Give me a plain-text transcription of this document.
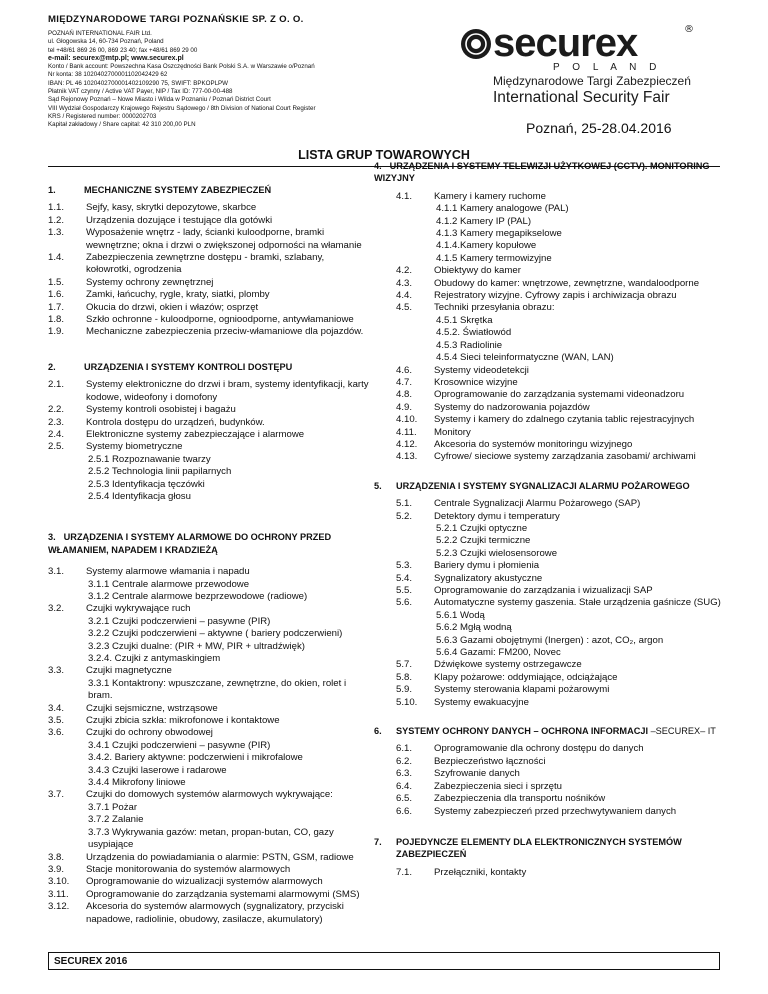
MIĘDZYNARODOWE TARGI POZNAŃSKIE SP. Z O. O.
POZNAŃ INTERNATIONAL FAIR Ltd.
ul. Głogowska 14, 60-734 Poznań, Poland
tel +48/61 869 26 00, 869 23 40; fax +48/61 869 29 00
e-mail: securex@mtp.pl; www.securex.pl
Konto / Bank account: Powszechna Kasa Oszczędności Bank Polski S.A. w Warszawie o/Poznań
Nr konta: 38 1020402700001102042429 62
IBAN: PL 46 1020402700001402109290 75, SWIFT: BPKOPLPW
Płatnik VAT czynny / Active VAT Payer, NIP / Tax ID: 777-00-00-488
Sąd Rejonowy Poznań – Nowe Miasto i Wilda w Poznaniu / Poznań District Court
VIII Wydział Gospodarczy Krajowego Rejestru Sądowego / 8th Division of National Court Register
KRS / Registered number: 0000202703
Kapitał zakładowy / Share capital: 42 310 200,00 PLN
securex	®
P O L A N D
Międzynarodowe Targi Zabezpieczeń
International Security Fair
Poznań, 25-28.04.2016
LISTA GRUP TOWAROWYCH
1.	MECHANICZNE SYSTEMY ZABEZPIECZEŃ
1.1.	Sejfy, kasy, skrytki depozytowe, skarbce
1.2.	Urządzenia dozujące i testujące dla gotówki
1.3.	Wyposażenie wnętrz - lady, ścianki kuloodporne, bramki wewnętrzne; okna i drzwi o zwiększonej odporności na włamanie
1.4.	Zabezpieczenia zewnętrzne dostępu - bramki, szlabany, kołowrotki, ogrodzenia
1.5.	Systemy ochrony zewnętrznej
1.6.	Zamki, łańcuchy, rygle, kraty, siatki, plomby
1.7.	Okucia do drzwi, okien i włazów; osprzęt
1.8.	Szkło ochronne - kuloodporne, ognioodporne, antywłamaniowe
1.9.	Mechaniczne zabezpieczenia przeciw-włamaniowe dla pojazdów.
2.	URZĄDZENIA I SYSTEMY KONTROLI DOSTĘPU
2.1.	Systemy elektroniczne do drzwi i bram, systemy identyfikacji, karty kodowe, wideofony i domofony
2.2.	Systemy kontroli osobistej i bagażu
2.3.	Kontrola dostępu do urządzeń, budynków.
2.4.	Elektroniczne systemy zabezpieczające i alarmowe
2.5.	Systemy biometryczne
2.5.1 Rozpoznawanie twarzy
2.5.2 Technologia linii papilarnych
2.5.3 Identyfikacja tęczówki
2.5.4 Identyfikacja głosu
3. URZĄDZENIA I SYSTEMY ALARMOWE DO OCHRONY PRZED WŁAMANIEM, NAPADEM I KRADZIEŻĄ
3.1.	Systemy alarmowe włamania i napadu
3.1.1 Centrale alarmowe przewodowe
3.1.2 Centrale alarmowe bezprzewodowe (radiowe)
3.2.	Czujki wykrywające ruch
3.2.1 Czujki podczerwieni – pasywne (PIR)
3.2.2 Czujki podczerwieni – aktywne ( bariery podczerwieni)
3.2.3 Czujki dualne: (PIR + MW, PIR + ultradźwięk)
3.2.4. Czujki z antymaskingiem
3.3.	Czujki magnetyczne
3.3.1 Kontaktrony: wpuszczane, zewnętrzne, do okien, rolet i bram.
3.4.	Czujki sejsmiczne, wstrząsowe
3.5.	Czujki zbicia szkła: mikrofonowe i kontaktowe
3.6.	Czujki do ochrony obwodowej
3.4.1 Czujki podczerwieni – pasywne (PIR)
3.4.2. Bariery aktywne: podczerwieni i mikrofalowe
3.4.3 Czujki laserowe i radarowe
3.4.4 Mikrofony liniowe
3.7.	Czujki do domowych systemów alarmowych wykrywające:
3.7.1 Pożar
3.7.2 Zalanie
3.7.3 Wykrywania gazów: metan, propan-butan, CO, gazy usypiające
3.8.	Urządzenia do powiadamiania o alarmie: PSTN, GSM, radiowe
3.9.	Stacje monitorowania do systemów alarmowych
3.10.	Oprogramowanie do wizualizacji systemów alarmowych
3.11.	Oprogramowanie do zarządzania systemami alarmowymi (SMS)
3.12.	Akcesoria do systemów alarmowych (sygnalizatory, przyciski napadowe, radiolinie, obudowy, zasilacze, akumulatory)
4. URZĄDZENIA I SYSTEMY TELEWIZJI UŻYTKOWEJ (CCTV). MONITORING WIZYJNY
4.1.	Kamery i kamery ruchome
4.1.1 Kamery analogowe (PAL)
4.1.2 Kamery IP (PAL)
4.1.3 Kamery megapikselowe
4.1.4.Kamery kopułowe
4.1.5 Kamery termowizyjne
4.2.	Obiektywy do kamer
4.3.	Obudowy do kamer: wnętrzowe, zewnętrzne, wandaloodporne
4.4.	Rejestratory wizyjne. Cyfrowy zapis i archiwizacja obrazu
4.5.	Techniki przesyłania obrazu:
4.5.1 Skrętka
4.5.2. Światłowód
4.5.3 Radiolinie
4.5.4 Sieci teleinformatyczne (WAN, LAN)
4.6.	Systemy videodetekcji
4.7.	Krosownice wizyjne
4.8.	Oprogramowanie do zarządzania systemami videonadzoru
4.9.	Systemy do nadzorowania pojazdów
4.10.	Systemy i kamery do zdalnego czytania tablic rejestracyjnych
4.11.	Monitory
4.12.	Akcesoria do systemów monitoringu wizyjnego
4.13.	Cyfrowe/ sieciowe systemy zarządzania zasobami/ archiwami
5.	URZĄDZENIA I SYSTEMY SYGNALIZACJI ALARMU POŻAROWEGO
5.1.	Centrale Sygnalizacji Alarmu Pożarowego (SAP)
5.2.	Detektory dymu i temperatury
5.2.1 Czujki optyczne
5.2.2 Czujki termiczne
5.2.3 Czujki wielosensorowe
5.3.	Bariery dymu i płomienia
5.4.	Sygnalizatory akustyczne
5.5.	Oprogramowanie do zarządzania i wizualizacji SAP
5.6.	Automatyczne systemy gaszenia. Stałe urządzenia gaśnicze (SUG)
5.6.1 Wodą
5.6.2 Mgłą wodną
5.6.3 Gazami obojętnymi (Inergen) : azot, CO₂, argon
5.6.4 Gazami: FM200, Novec
5.7.	Dźwiękowe systemy ostrzegawcze
5.8.	Klapy pożarowe: oddymiające, odciążające
5.9.	Systemy sterowania klapami pożarowymi
5.10.	Systemy ewakuacyjne
6.	SYSTEMY OCHRONY DANYCH – OCHRONA INFORMACJI –SECUREX– IT
6.1.	Oprogramowanie dla ochrony dostępu do danych
6.2.	Bezpieczeństwo łączności
6.3.	Szyfrowanie danych
6.4.	Zabezpieczenia sieci i sprzętu
6.5.	Zabezpieczenia dla transportu nośników
6.6.	Systemy zabezpieczeń przed przechwytywaniem danych
7.	POJEDYNCZE ELEMENTY DLA ELEKTRONICZNYCH SYSTEMÓW ZABEZPIECZEŃ
7.1.	Przełączniki, kontakty
SECUREX 2016
